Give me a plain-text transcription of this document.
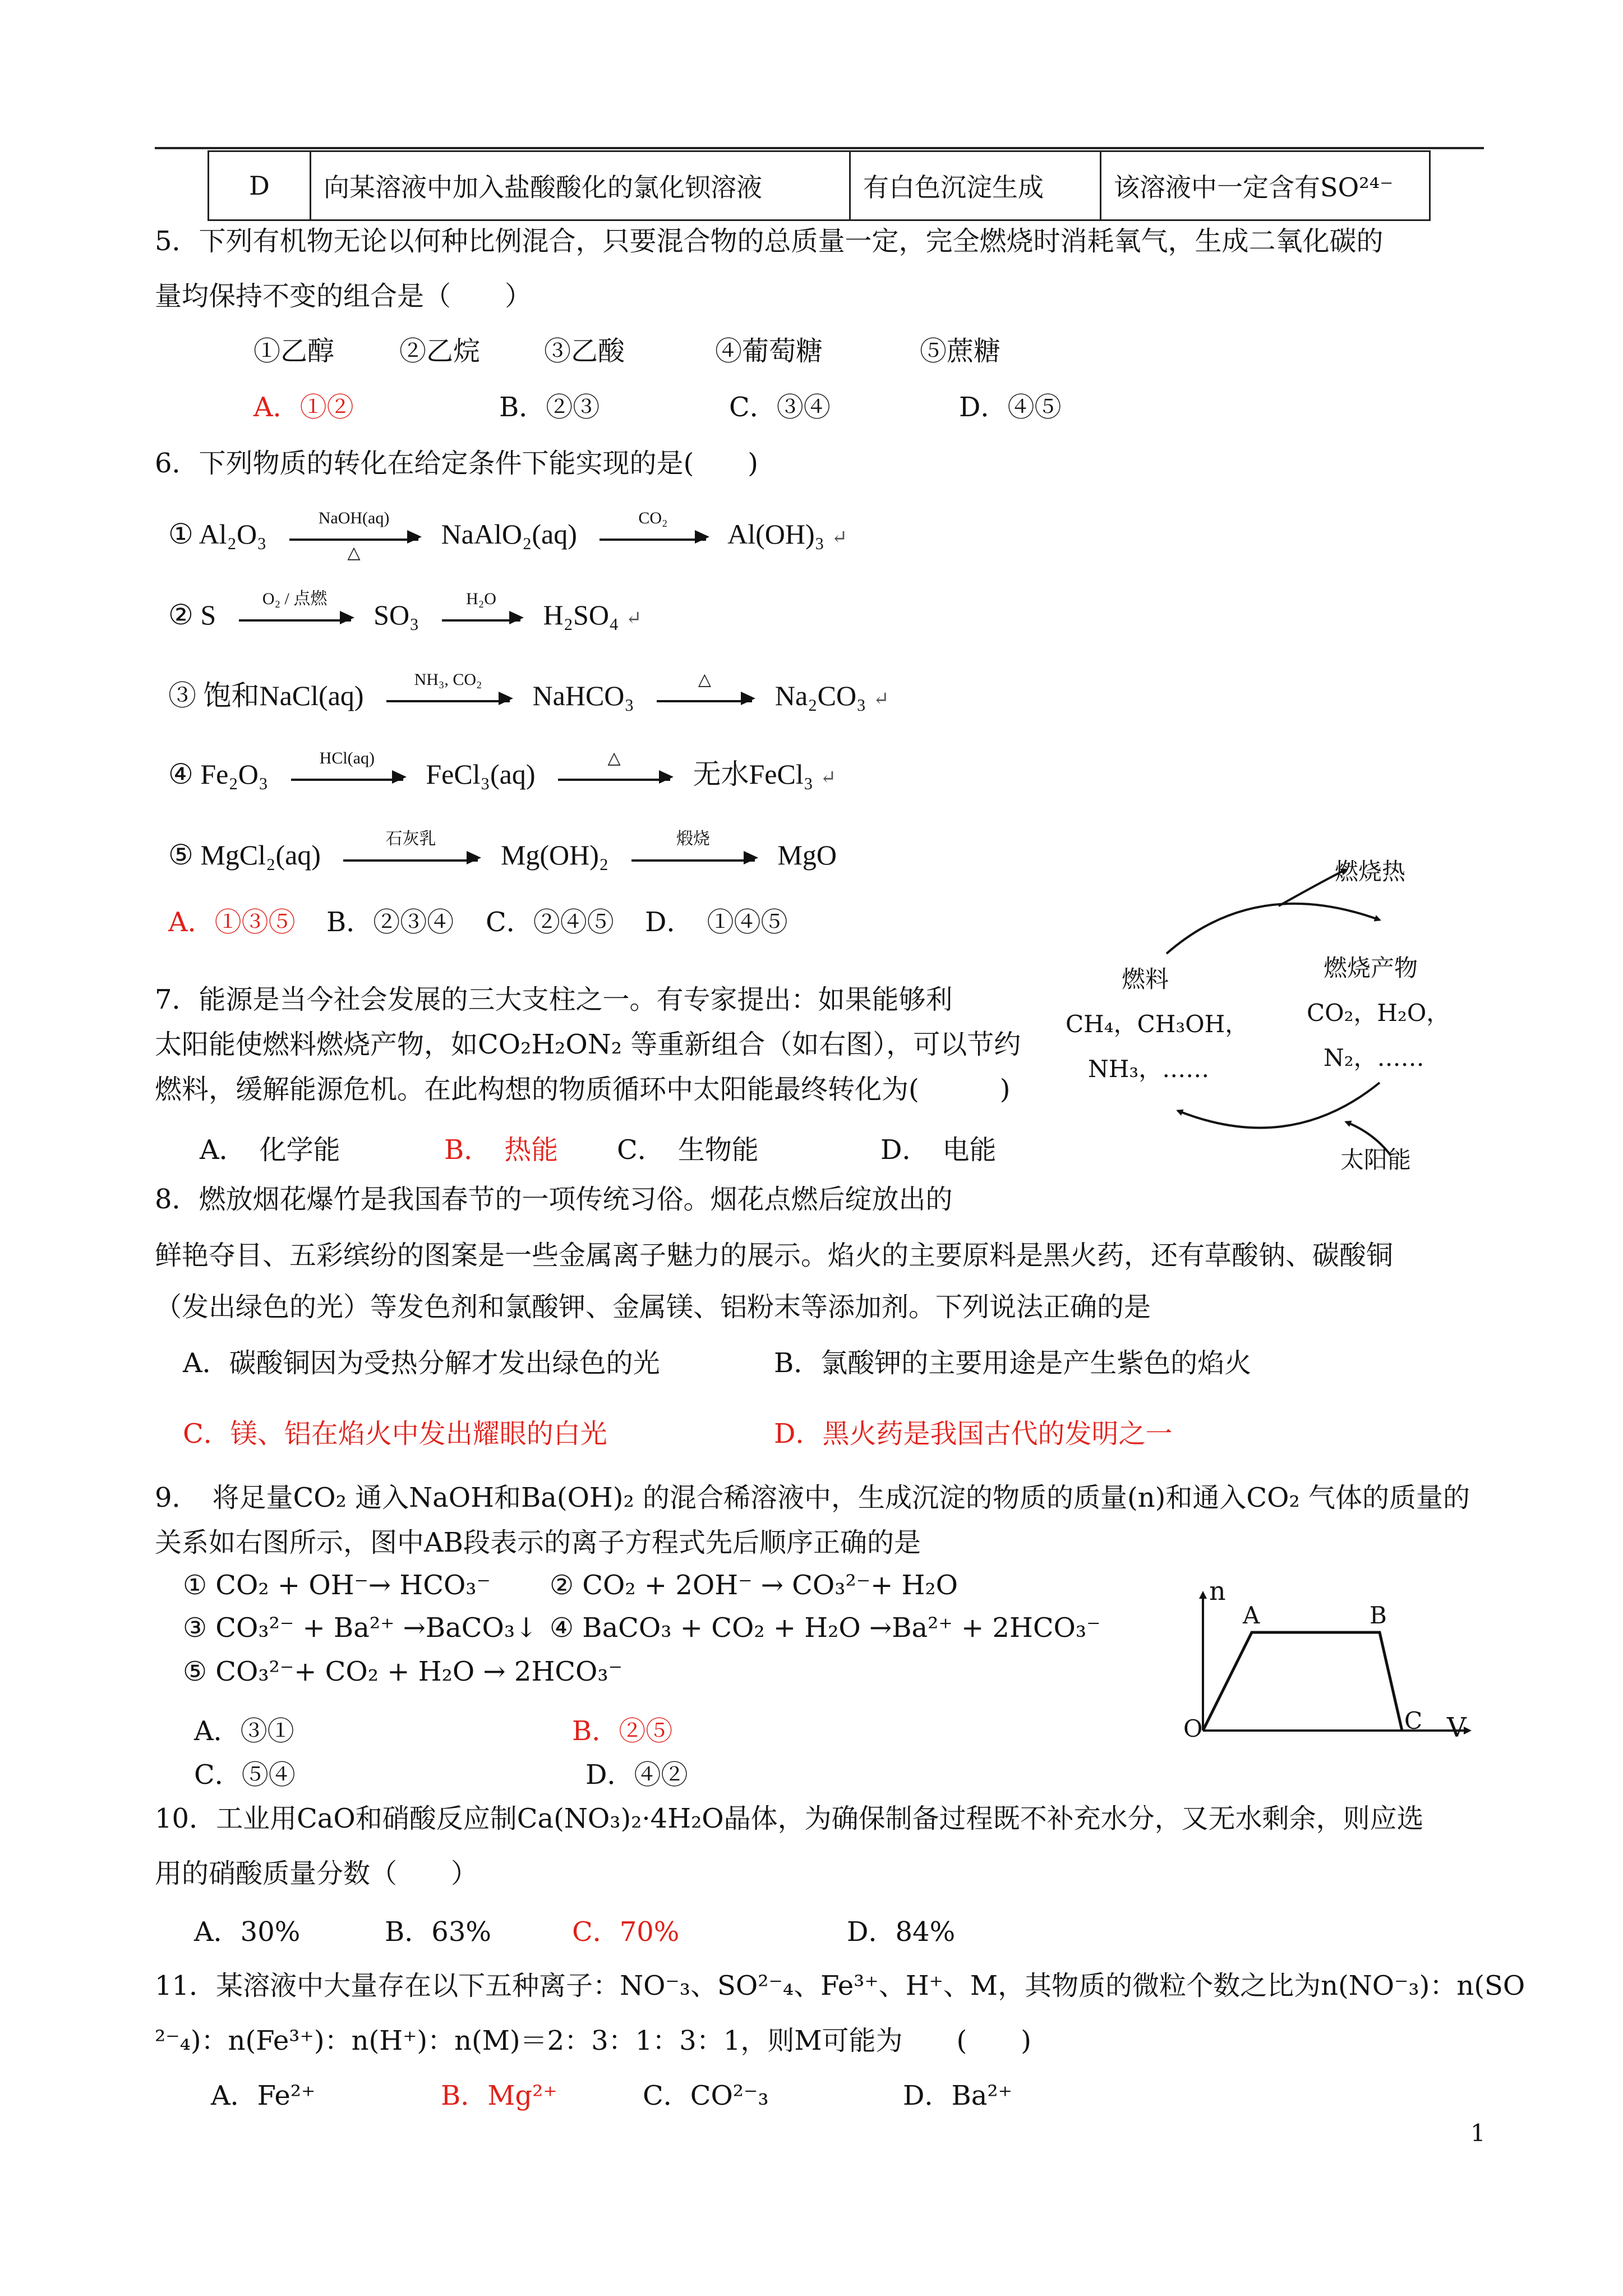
D	向某溶液中加入盐酸酸化的氯化钡溶液	有白色沉淀生成	该溶液中一定含有SO²⁴⁻
5．下列有机物无论以何种比例混合，只要混合物的总质量一定，完全燃烧时消耗氧气，生成二氧化碳的
量均保持不变的组合是（　　）
①乙醇 ②乙烷 ③乙酸	④葡萄糖	⑤蔗糖
A．①②	B．②③	C．③④	D．④⑤
6．下列物质的转化在给定条件下能实现的是(　　)
① Al₂O₃
NaOH(aq)
△
NaAlO₂(aq)
CO₂
Al(OH)₃ ↵
② S
O₂ / 点燃
SO₃
H₂O
H₂SO₄ ↵
③ 饱和NaCl(aq)
NH₃, CO₂
NaHCO₃
△
Na₂CO₃ ↵
④ Fe₂O₃
HCl(aq)
FeCl₃(aq)
△
无水FeCl₃ ↵
⑤ MgCl₂(aq)
石灰乳
Mg(OH)₂
煅烧
MgO
A．①③⑤ B．②③④ C．②④⑤ D．　①④⑤
燃烧热
燃料
CH₄，CH₃OH，
NH₃，……
燃烧产物
CO₂，H₂O，
N₂，……
太阳能
7．能源是当今社会发展的三大支柱之一。有专家提出：如果能够利
太阳能使燃料燃烧产物，如CO₂H₂ON₂ 等重新组合（如右图），可以节约
燃料，缓解能源危机。在此构想的物质循环中太阳能最终转化为(　　　)
A．　化学能	B．　热能 C．　生物能	D．　电能
8．燃放烟花爆竹是我国春节的一项传统习俗。烟花点燃后绽放出的
鲜艳夺目、五彩缤纷的图案是一些金属离子魅力的展示。焰火的主要原料是黑火药，还有草酸钠、碳酸铜
（发出绿色的光）等发色剂和氯酸钾、金属镁、铝粉末等添加剂。下列说法正确的是
A．碳酸铜因为受热分解才发出绿色的光	B．氯酸钾的主要用途是产生紫色的焰火
C．镁、铝在焰火中发出耀眼的白光	D．黑火药是我国古代的发明之一
9．　将足量CO₂ 通入NaOH和Ba(OH)₂ 的混合稀溶液中，生成沉淀的物质的质量(n)和通入CO₂ 气体的质量的
关系如右图所示，图中AB段表示的离子方程式先后顺序正确的是
① CO₂ + OH⁻→ HCO₃⁻ ② CO₂ + 2OH⁻ → CO₃²⁻+ H₂O
③ CO₃²⁻ + Ba²⁺ →BaCO₃↓ ④ BaCO₃ + CO₂ + H₂O →Ba²⁺ + 2HCO₃⁻
⑤ CO₃²⁻+ CO₂ + H₂O → 2HCO₃⁻
A．③①	B．②⑤
C．⑤④	D．④②
n
V
O
A	B
C
10．工业用CaO和硝酸反应制Ca(NO₃)₂·4H₂O晶体，为确保制备过程既不补充水分，又无水剩余，则应选
用的硝酸质量分数（　　）
A．30%	B．63%	C．70%	D．84%
11．某溶液中大量存在以下五种离子：NO⁻₃、SO²⁻₄、Fe³⁺、H⁺、M，其物质的微粒个数之比为n(NO⁻₃)：n(SO
²⁻₄)：n(Fe³⁺)：n(H⁺)：n(M)＝2：3：1：3：1，则M可能为　　(　　)
A．Fe²⁺	B．Mg²⁺	C．CO²⁻₃	D．Ba²⁺
1
